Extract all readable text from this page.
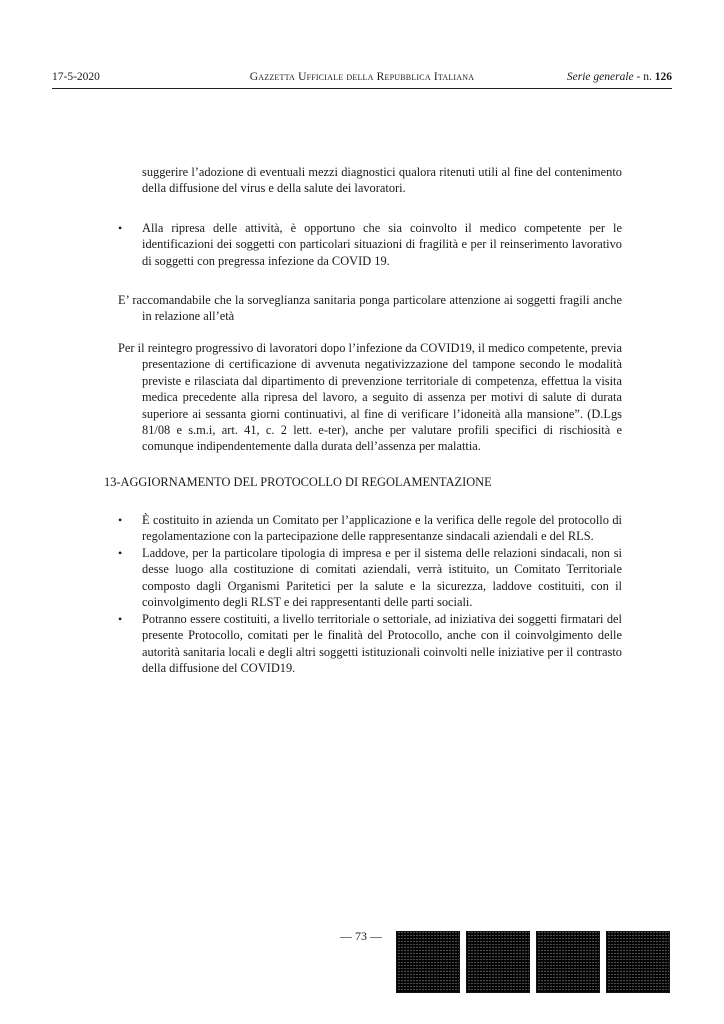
17-5-2020	Gazzetta Ufficiale della Repubblica Italiana	Serie generale - n. 126

suggerire l’adozione di eventuali mezzi diagnostici qualora ritenuti utili al fine del contenimento della diffusione del virus e della salute dei lavoratori.

•	Alla ripresa delle attività, è opportuno che sia coinvolto il medico competente per le identificazioni dei soggetti con particolari situazioni di fragilità e per il reinserimento lavorativo di soggetti con pregressa infezione da COVID 19.

E’ raccomandabile che la sorveglianza sanitaria ponga particolare attenzione ai soggetti fragili anche in relazione all’età

Per il reintegro progressivo di lavoratori dopo l’infezione da COVID19, il medico competente, previa presentazione di certificazione di avvenuta negativizzazione del tampone secondo le modalità previste e rilasciata dal dipartimento di prevenzione territoriale di competenza, effettua la visita medica precedente alla ripresa del lavoro, a seguito di assenza per motivi di salute di durata superiore ai sessanta giorni continuativi, al fine di verificare l’idoneità alla mansione”. (D.Lgs 81/08 e s.m.i, art. 41, c. 2 lett. e-ter), anche per valutare profili specifici di rischiosità e comunque indipendentemente dalla durata dell’assenza per malattia.

13-AGGIORNAMENTO DEL PROTOCOLLO DI REGOLAMENTAZIONE
•	È costituito in azienda un Comitato per l’applicazione e la verifica delle regole del protocollo di regolamentazione con la partecipazione delle rappresentanze sindacali aziendali e del RLS.

•	Laddove, per la particolare tipologia di impresa e per il sistema delle relazioni sindacali, non si desse luogo alla costituzione di comitati aziendali, verrà istituito, un Comitato Territoriale composto dagli Organismi Paritetici per la salute e la sicurezza, laddove costituiti, con il coinvolgimento degli RLST e dei rappresentanti delle parti sociali.

•	Potranno essere costituiti, a livello territoriale o settoriale, ad iniziativa dei soggetti firmatari del presente Protocollo, comitati per le finalità del Protocollo, anche con il coinvolgimento delle autorità sanitaria locali e degli altri soggetti istituzionali coinvolti nelle iniziative per il contrasto della diffusione del COVID19.

— 73 —
